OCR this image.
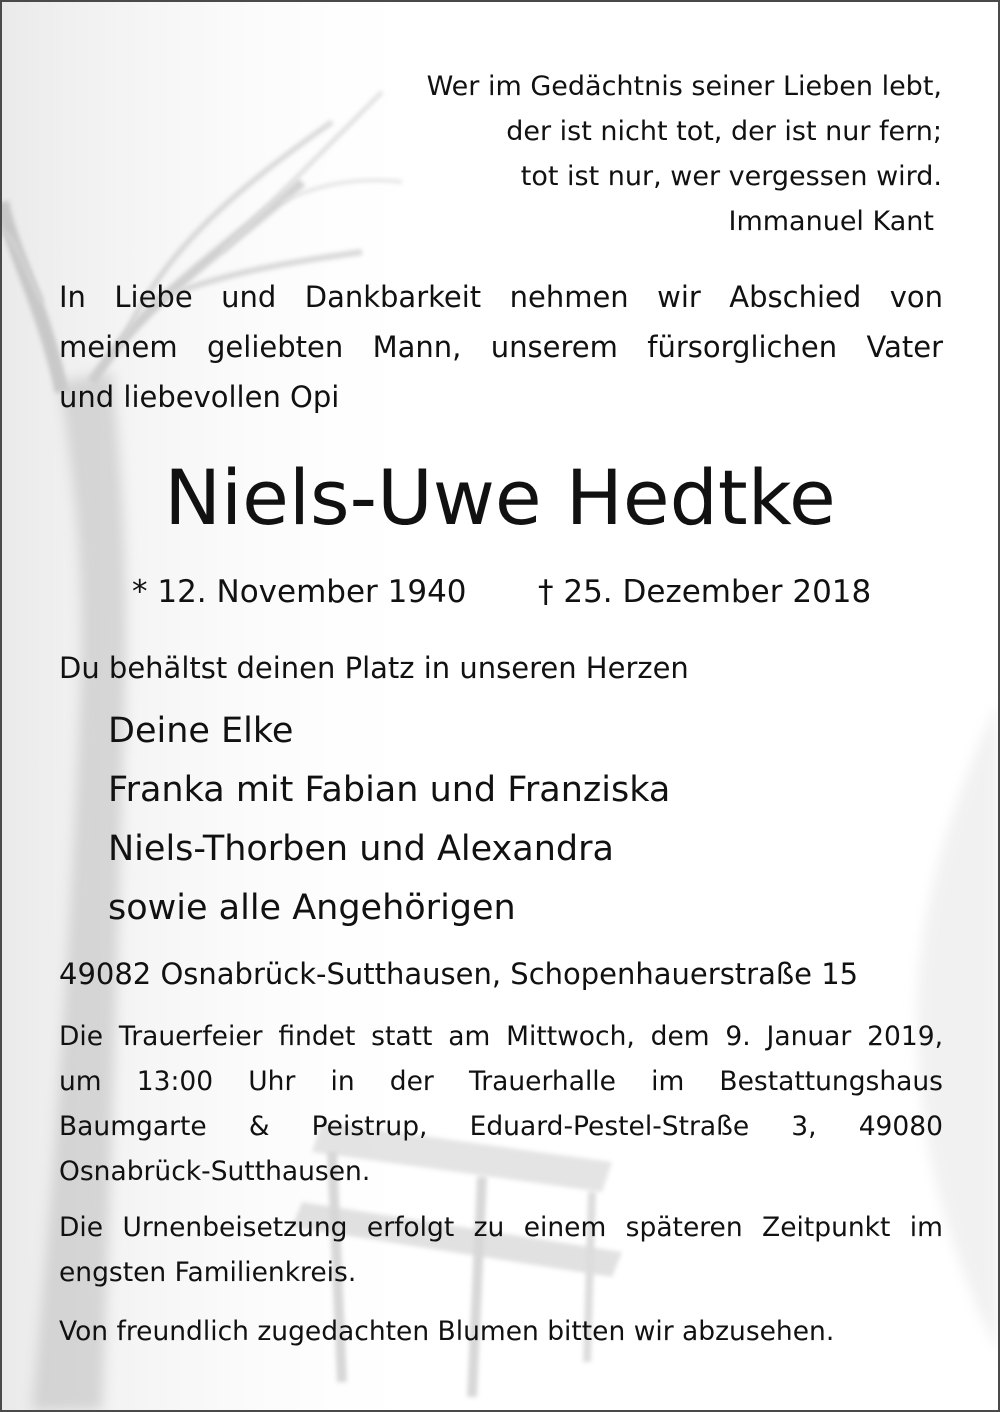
Wer im Gedächtnis seiner Lieben lebt,
der ist nicht tot, der ist nur fern;
tot ist nur, wer vergessen wird.
Immanuel Kant
In Liebe und Dankbarkeit nehmen wir Abschied von
meinem geliebten Mann, unserem fürsorglichen Vater
und liebevollen Opi
Niels-Uwe Hedtke
* 12. November 1940 † 25. Dezember 2018
Du behältst deinen Platz in unseren Herzen
Deine Elke
Franka mit Fabian und Franziska
Niels-Thorben und Alexandra
sowie alle Angehörigen
49082 Osnabrück-Sutthausen, Schopenhauerstraße 15
Die Trauerfeier findet statt am Mittwoch, dem 9. Januar 2019,
um 13:00 Uhr in der Trauerhalle im Bestattungshaus
Baumgarte & Peistrup, Eduard-Pestel-Straße 3, 49080
Osnabrück-Sutthausen.
Die Urnenbeisetzung erfolgt zu einem späteren Zeitpunkt im
engsten Familienkreis.
Von freundlich zugedachten Blumen bitten wir abzusehen.
